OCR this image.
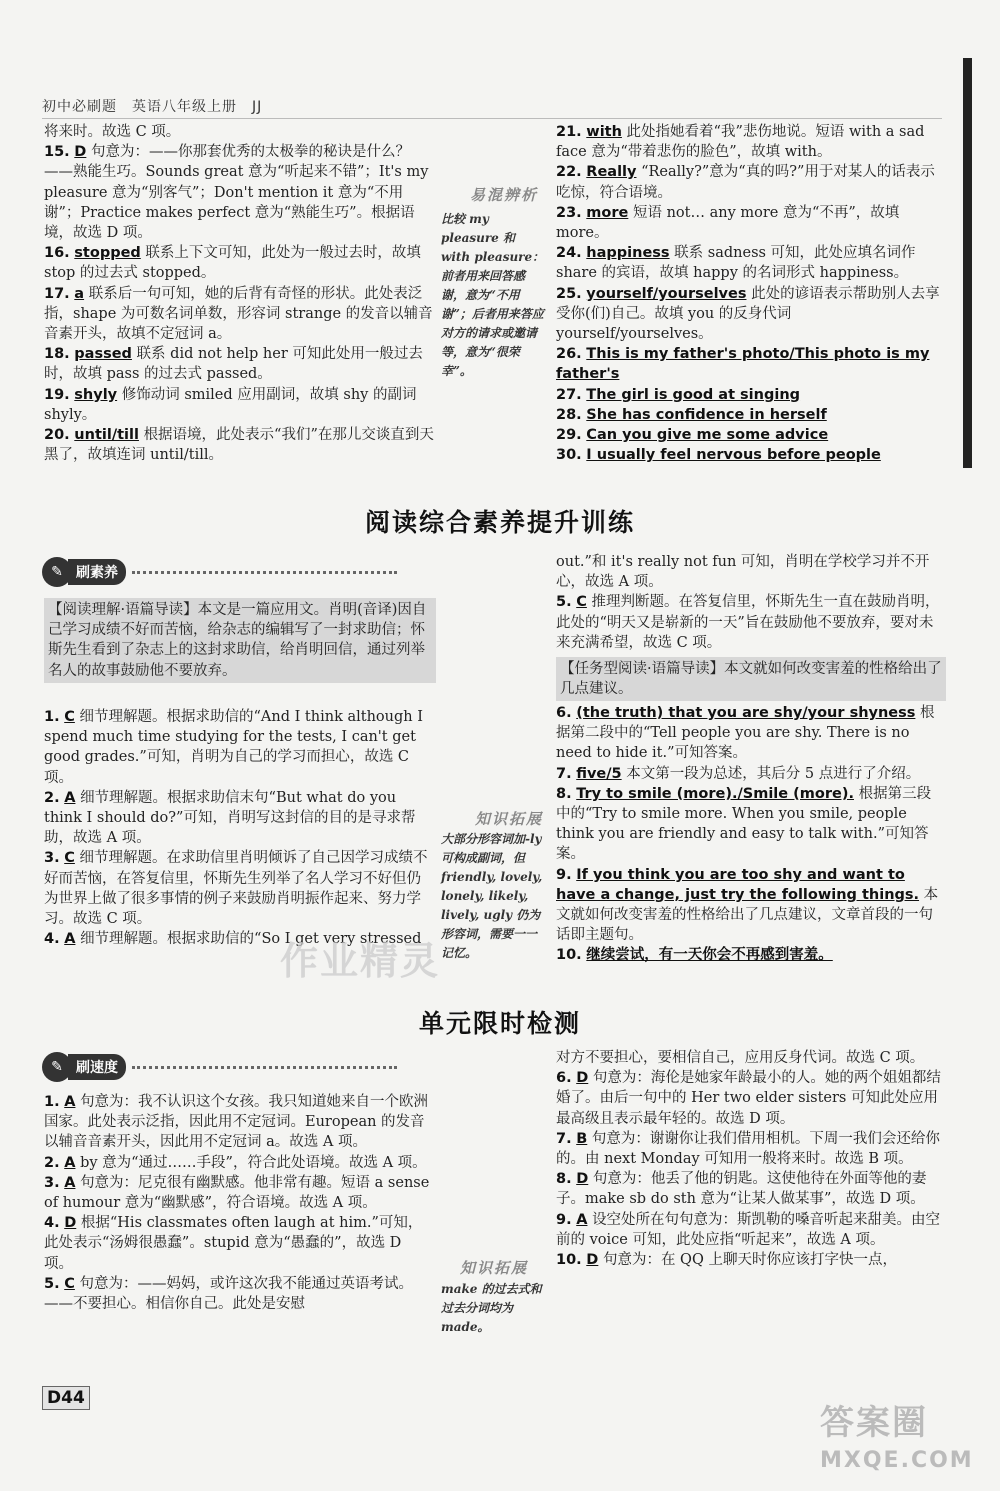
初中必刷题　英语八年级上册　JJ

将来时。故选 C 项。

15. D 句意为：——你那套优秀的太极拳的秘诀是什么？——熟能生巧。Sounds great 意为“听起来不错”；It's my pleasure 意为“别客气”；Don't mention it 意为“不用谢”；Practice makes perfect 意为“熟能生巧”。根据语境，故选 D 项。

16. stopped 联系上下文可知，此处为一般过去时，故填 stop 的过去式 stopped。

17. a 联系后一句可知，她的后背有奇怪的形状。此处表泛指，shape 为可数名词单数，形容词 strange 的发音以辅音音素开头，故填不定冠词 a。

18. passed 联系 did not help her 可知此处用一般过去时，故填 pass 的过去式 passed。

19. shyly 修饰动词 smiled 应用副词，故填 shy 的副词 shyly。

20. until/till 根据语境，此处表示“我们”在那儿交谈直到天黑了，故填连词 until/till。

易混辨析
比较 my pleasure 和 with pleasure：前者用来回答感谢，意为“不用谢”；后者用来答应对方的请求或邀请等，意为“很荣幸”。

21. with 此处指她看着“我”悲伤地说。短语 with a sad face 意为“带着悲伤的脸色”，故填 with。

22. Really “Really?”意为“真的吗?”用于对某人的话表示吃惊，符合语境。

23. more 短语 not… any more 意为“不再”，故填 more。

24. happiness 联系 sadness 可知，此处应填名词作 share 的宾语，故填 happy 的名词形式 happiness。

25. yourself/yourselves 此处的谚语表示帮助别人去享受你(们)自己。故填 you 的反身代词 yourself/yourselves。

26. This is my father's photo/This photo is my father's

27. The girl is good at singing

28. She has confidence in herself

29. Can you give me some advice

30. I usually feel nervous before people

阅读综合素养提升训练
✎ 刷素养
【阅读理解·语篇导读】本文是一篇应用文。肖明(音译)因自己学习成绩不好而苦恼，给杂志的编辑写了一封求助信；怀斯先生看到了杂志上的这封求助信，给肖明回信，通过列举名人的故事鼓励他不要放弃。

1. C 细节理解题。根据求助信的“And I think although I spend much time studying for the tests, I can't get good grades.”可知，肖明为自己的学习而担心，故选 C 项。

2. A 细节理解题。根据求助信末句“But what do you think I should do?”可知，肖明写这封信的目的是寻求帮助，故选 A 项。

3. C 细节理解题。在求助信里肖明倾诉了自己因学习成绩不好而苦恼，在答复信里，怀斯先生列举了名人学习不好但仍为世界上做了很多事情的例子来鼓励肖明振作起来、努力学习。故选 C 项。

4. A 细节理解题。根据求助信的“So I get very stressed

知识拓展
大部分形容词加-ly 可构成副词，但 friendly, lovely, lonely, likely, lively, ugly 仍为形容词，需要一一记忆。

out.”和 it's really not fun 可知，肖明在学校学习并不开心，故选 A 项。

5. C 推理判断题。在答复信里，怀斯先生一直在鼓励肖明，此处的“明天又是崭新的一天”旨在鼓励他不要放弃，要对未来充满希望，故选 C 项。

【任务型阅读·语篇导读】本文就如何改变害羞的性格给出了几点建议。

6. (the truth) that you are shy/your shyness 根据第二段中的“Tell people you are shy. There is no need to hide it.”可知答案。

7. five/5 本文第一段为总述，其后分 5 点进行了介绍。

8. Try to smile (more)./Smile (more). 根据第三段中的“Try to smile more. When you smile, people think you are friendly and easy to talk with.”可知答案。

9. If you think you are too shy and want to have a change, just try the following things. 本文就如何改变害羞的性格给出了几点建议，文章首段的一句话即主题句。

10. 继续尝试，有一天你会不再感到害羞。

单元限时检测
✎ 刷速度

1. A 句意为：我不认识这个女孩。我只知道她来自一个欧洲国家。此处表示泛指，因此用不定冠词。European 的发音以辅音音素开头，因此用不定冠词 a。故选 A 项。

2. A by 意为“通过……手段”，符合此处语境。故选 A 项。

3. A 句意为：尼克很有幽默感。他非常有趣。短语 a sense of humour 意为“幽默感”，符合语境。故选 A 项。

4. D 根据“His classmates often laugh at him.”可知，此处表示“汤姆很愚蠢”。stupid 意为“愚蠢的”，故选 D 项。

5. C 句意为：——妈妈，或许这次我不能通过英语考试。——不要担心。相信你自己。此处是安慰

知识拓展
make 的过去式和过去分词均为 made。

对方不要担心，要相信自己，应用反身代词。故选 C 项。

6. D 句意为：海伦是她家年龄最小的人。她的两个姐姐都结婚了。由后一句中的 Her two elder sisters 可知此处应用最高级且表示最年轻的。故选 D 项。

7. B 句意为：谢谢你让我们借用相机。下周一我们会还给你的。由 next Monday 可知用一般将来时。故选 B 项。

8. D 句意为：他丢了他的钥匙。这使他待在外面等他的妻子。make sb do sth 意为“让某人做某事”，故选 D 项。

9. A 设空处所在句句意为：斯凯勒的嗓音听起来甜美。由空前的 voice 可知，此处应指“听起来”，故选 A 项。

10. D 句意为：在 QQ 上聊天时你应该打字快一点，

D44
作业精灵
答案圈
MXQE.COM
